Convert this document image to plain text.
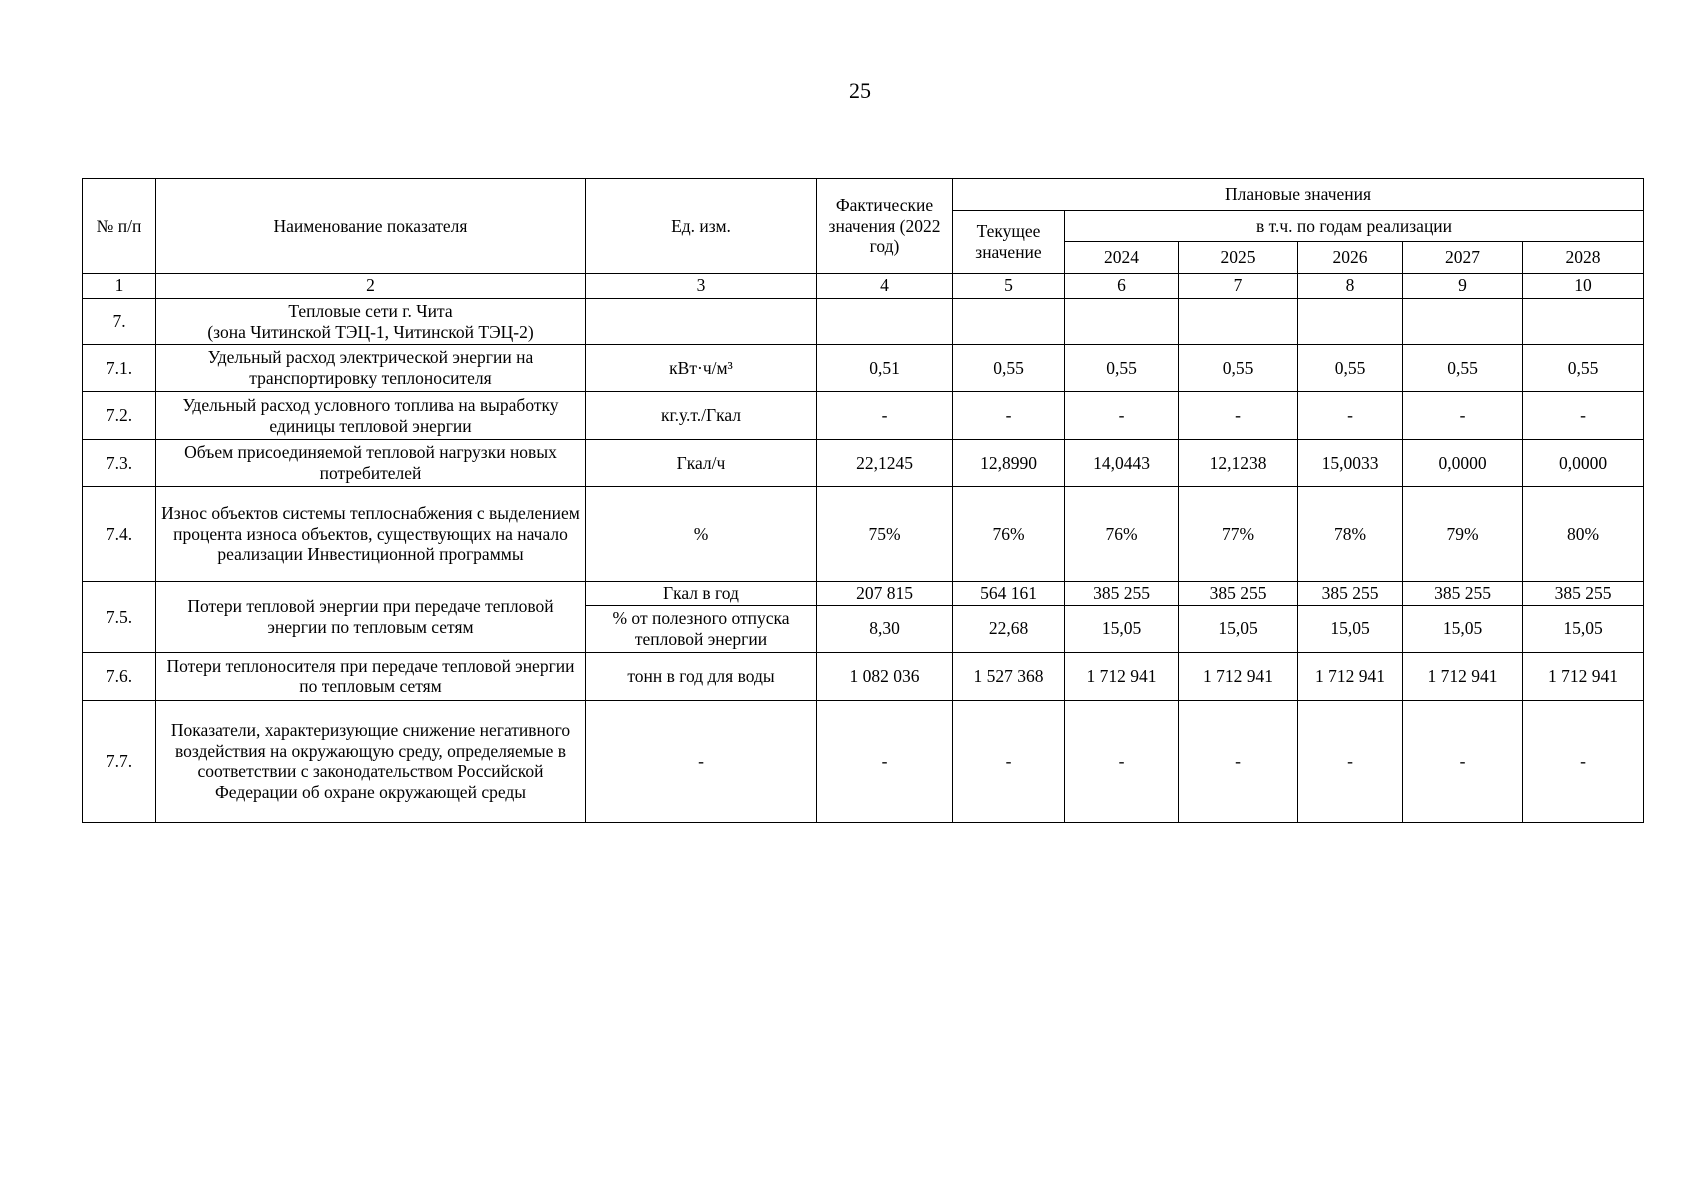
25
№ п/п	Наименование показателя	Ед. изм.	Фактические значения (2022 год)	Плановые значения					
				Текущее значение	в т.ч. по годам реализации				
					2024	2025	2026	2027	2028
1	2	3	4	5	6	7	8	9	10
7.	Тепловые сети г. Чита
(зона Читинской ТЭЦ-1, Читинской ТЭЦ-2)								

7.1.	Удельный расход электрической энергии на транспортировку теплоносителя	кВт·ч/м³	0,51	0,55	0,55	0,55	0,55	0,55	0,55
7.2.	Удельный расход условного топлива на выработку единицы тепловой энергии	кг.у.т./Гкал	-	-	-	-	-	-	-
7.3.	Объем присоединяемой тепловой нагрузки новых потребителей	Гкал/ч	22,1245	12,8990	14,0443	12,1238	15,0033	0,0000	0,0000
7.4.	Износ объектов системы теплоснабжения с выделением процента износа объектов, существующих на начало реализации Инвестиционной программы	%	75%	76%	76%	77%	78%	79%	80%
7.5.	Потери тепловой энергии при передаче тепловой энергии по тепловым сетям	Гкал в год	207 815	564 161	385 255	385 255	385 255	385 255	385 255
		% от полезного отпуска тепловой энергии	8,30	22,68	15,05	15,05	15,05	15,05	15,05
7.6.	Потери теплоносителя при передаче тепловой энергии по тепловым сетям	тонн в год для воды	1 082 036	1 527 368	1 712 941	1 712 941	1 712 941	1 712 941	1 712 941
7.7.	Показатели, характеризующие снижение негативного воздействия на окружающую среду, определяемые в соответствии с законодательством Российской Федерации об охране окружающей среды	-	-	-	-	-	-	-	-
